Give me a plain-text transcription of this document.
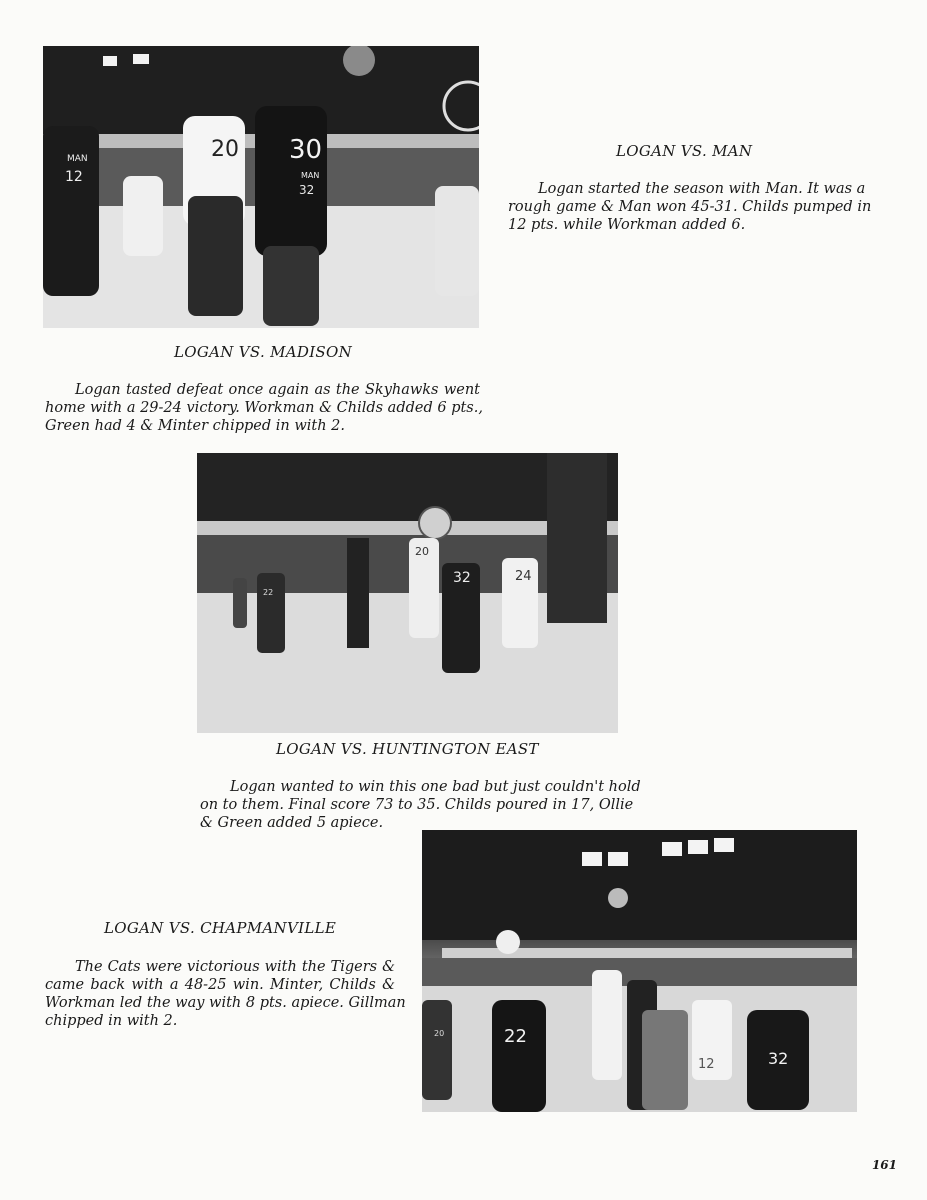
20 30
32
12
MAN
MAN
LOGAN VS. MAN

Logan started the season with Man. It was a
rough game & Man won 45-31. Childs pumped in
12 pts. while Workman added 6.

LOGAN VS. MADISON

Logan tasted defeat once again as the Skyhawks went
home with a 29-24 victory. Workman & Childs added 6 pts.,
Green had 4 & Minter chipped in with 2.

20
32	24
22
LOGAN VS. HUNTINGTON EAST

Logan wanted to win this one bad but just couldn't hold
on to them. Final score 73 to 35. Childs poured in 17, Ollie
& Green added 5 apiece.

22
32
12
20
LOGAN VS. CHAPMANVILLE

The Cats were victorious with the Tigers &
came back with a 48-25 win. Minter, Childs &
Workman led the way with 8 pts. apiece. Gillman
chipped in with 2.

161
